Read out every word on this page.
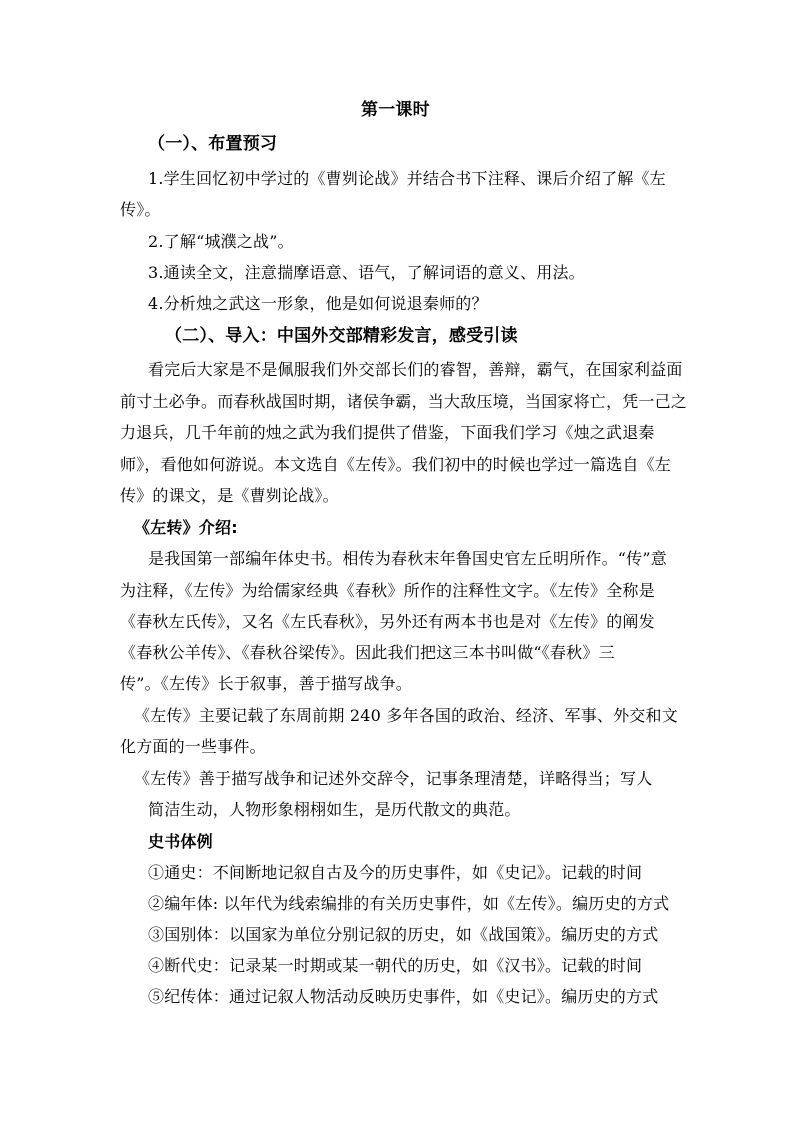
第一课时
（一）、布置预习
1.学生回忆初中学过的《曹刿论战》并结合书下注释、课后介绍了解《左
传》。
2.了解“城濮之战”。
3.通读全文，注意揣摩语意、语气，了解词语的意义、用法。
4.分析烛之武这一形象，他是如何说退秦师的？
（二）、导入：中国外交部精彩发言，感受引读
看完后大家是不是佩服我们外交部长们的睿智，善辩，霸气，在国家利益面
前寸土必争。而春秋战国时期，诸侯争霸，当大敌压境，当国家将亡，凭一己之
力退兵，几千年前的烛之武为我们提供了借鉴，下面我们学习《烛之武退秦
师》，看他如何游说。本文选自《左传》。我们初中的时候也学过一篇选自《左
传》的课文，是《曹刿论战》。
《左转》介绍:
是我国第一部编年体史书。相传为春秋末年鲁国史官左丘明所作。“传”意
为注释，《左传》为给儒家经典《春秋》所作的注释性文字。《左传》全称是
《春秋左氏传》，又名《左氏春秋》，另外还有两本书也是对《左传》的阐发
《春秋公羊传》、《春秋谷梁传》。因此我们把这三本书叫做“《春秋》三
传”。《左传》长于叙事，善于描写战争。
《左传》主要记载了东周前期 240 多年各国的政治、经济、军事、外交和文
化方面的一些事件。
《左传》善于描写战争和记述外交辞令，记事条理清楚，详略得当；写人
简洁生动，人物形象栩栩如生，是历代散文的典范。
史书体例
①通史：不间断地记叙自古及今的历史事件，如《史记》。记载的时间
②编年体: 以年代为线索编排的有关历史事件，如《左传》。编历史的方式
③国别体：以国家为单位分别记叙的历史，如《战国策》。编历史的方式
④断代史：记录某一时期或某一朝代的历史，如《汉书》。记载的时间
⑤纪传体：通过记叙人物活动反映历史事件，如《史记》。编历史的方式
